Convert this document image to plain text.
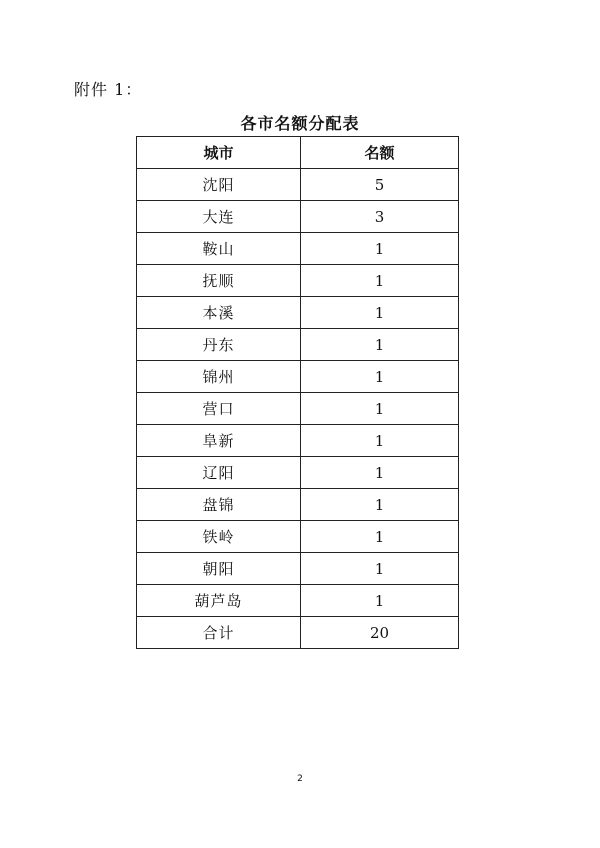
附件 1：
各市名额分配表
城市	名额
沈阳	5
大连	3
鞍山	1
抚顺	1
本溪	1
丹东	1
锦州	1
营口	1
阜新	1
辽阳	1
盘锦	1
铁岭	1
朝阳	1
葫芦岛	1
合计	20
2
